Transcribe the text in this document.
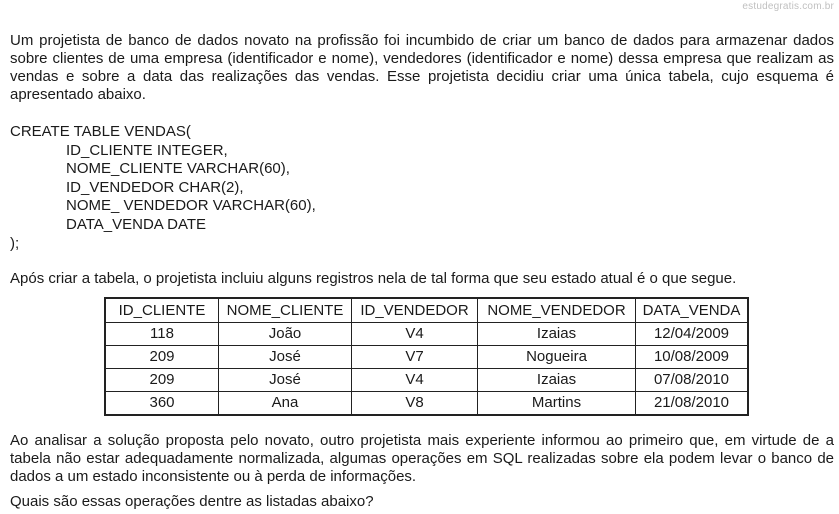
estudegratis.com.br

Um projetista de banco de dados novato na profissão foi incumbido de criar um banco de dados para armazenar dados sobre clientes de uma empresa (identificador e nome), vendedores (identificador e nome) dessa empresa que realizam as vendas e sobre a data das realizações das vendas. Esse projetista decidiu criar uma única tabela, cujo esquema é apresentado abaixo.

CREATE TABLE VENDAS(
ID_CLIENTE INTEGER,
NOME_CLIENTE VARCHAR(60),
ID_VENDEDOR CHAR(2),
NOME_ VENDEDOR VARCHAR(60),
DATA_VENDA DATE
);

Após criar a tabela, o projetista incluiu alguns registros nela de tal forma que seu estado atual é o que segue.

ID_CLIENTE	NOME_CLIENTE	ID_VENDEDOR	NOME_VENDEDOR	DATA_VENDA
118	João	V4	Izaias	12/04/2009
209	José	V7	Nogueira	10/08/2009
209	José	V4	Izaias	07/08/2010
360	Ana	V8	Martins	21/08/2010

Ao analisar a solução proposta pelo novato, outro projetista mais experiente informou ao primeiro que, em virtude de a tabela não estar adequadamente normalizada, algumas operações em SQL realizadas sobre ela podem levar o banco de dados a um estado inconsistente ou à perda de informações.

Quais são essas operações dentre as listadas abaixo?
